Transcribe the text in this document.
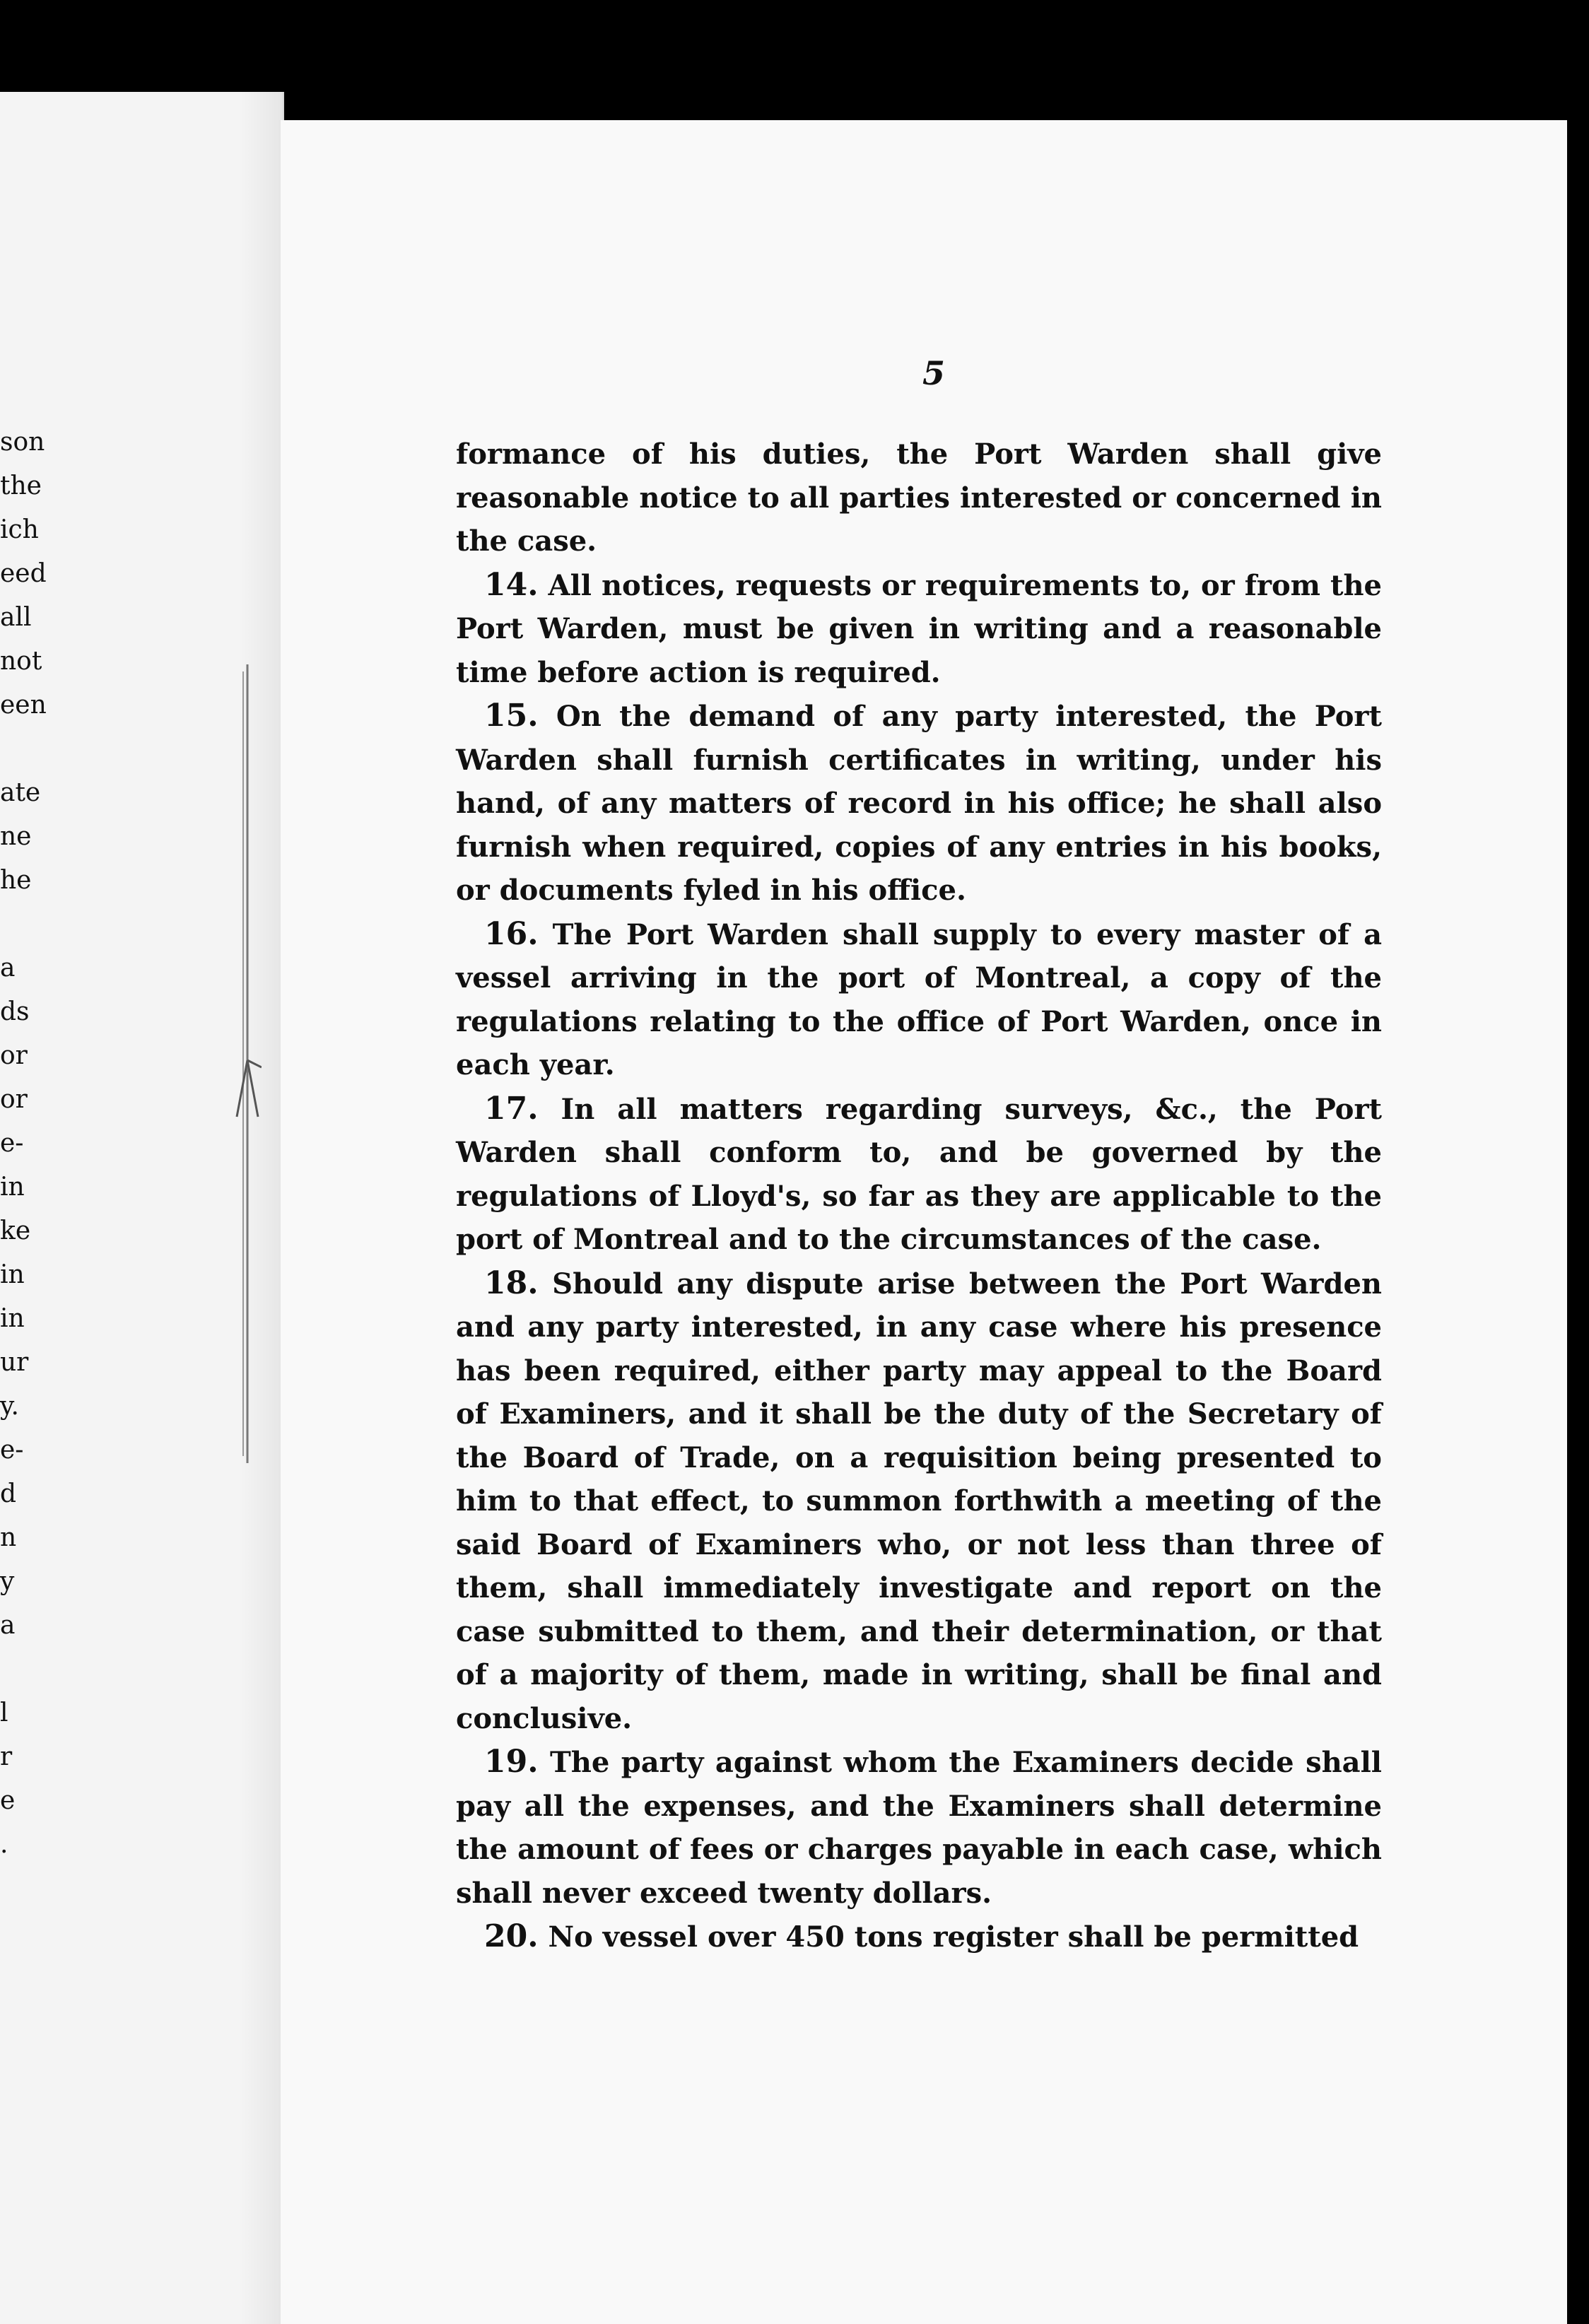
son
the
ich
eed
all
not
een
ate
ne
he
a
ds
or
or
e-
in
ke
in
in
ur
y.
e-
d
n
y
a
l
r
e
.
5

formance of his duties, the Port Warden shall give reasonable notice to all parties interested or concerned in the case.

14. All notices, requests or requirements to, or from the Port Warden, must be given in writing and a reasonable time before action is required.

15. On the demand of any party interested, the Port Warden shall furnish certificates in writing, under his hand, of any matters of record in his office; he shall also furnish when required, copies of any entries in his books, or documents fyled in his office.

16. The Port Warden shall supply to every master of a vessel arriving in the port of Montreal, a copy of the regulations relating to the office of Port Warden, once in each year.

17. In all matters regarding surveys, &c., the Port Warden shall conform to, and be governed by the regulations of Lloyd's, so far as they are applicable to the port of Montreal and to the circumstances of the case.

18. Should any dispute arise between the Port Warden and any party interested, in any case where his presence has been required, either party may appeal to the Board of Examiners, and it shall be the duty of the Secretary of the Board of Trade, on a requisition being presented to him to that effect, to summon forthwith a meeting of the said Board of Examiners who, or not less than three of them, shall immediately investigate and report on the case submitted to them, and their determination, or that of a majority of them, made in writing, shall be final and conclusive.

19. The party against whom the Examiners decide shall pay all the expenses, and the Examiners shall determine the amount of fees or charges payable in each case, which shall never exceed twenty dollars.

20. No vessel over 450 tons register shall be permitted
